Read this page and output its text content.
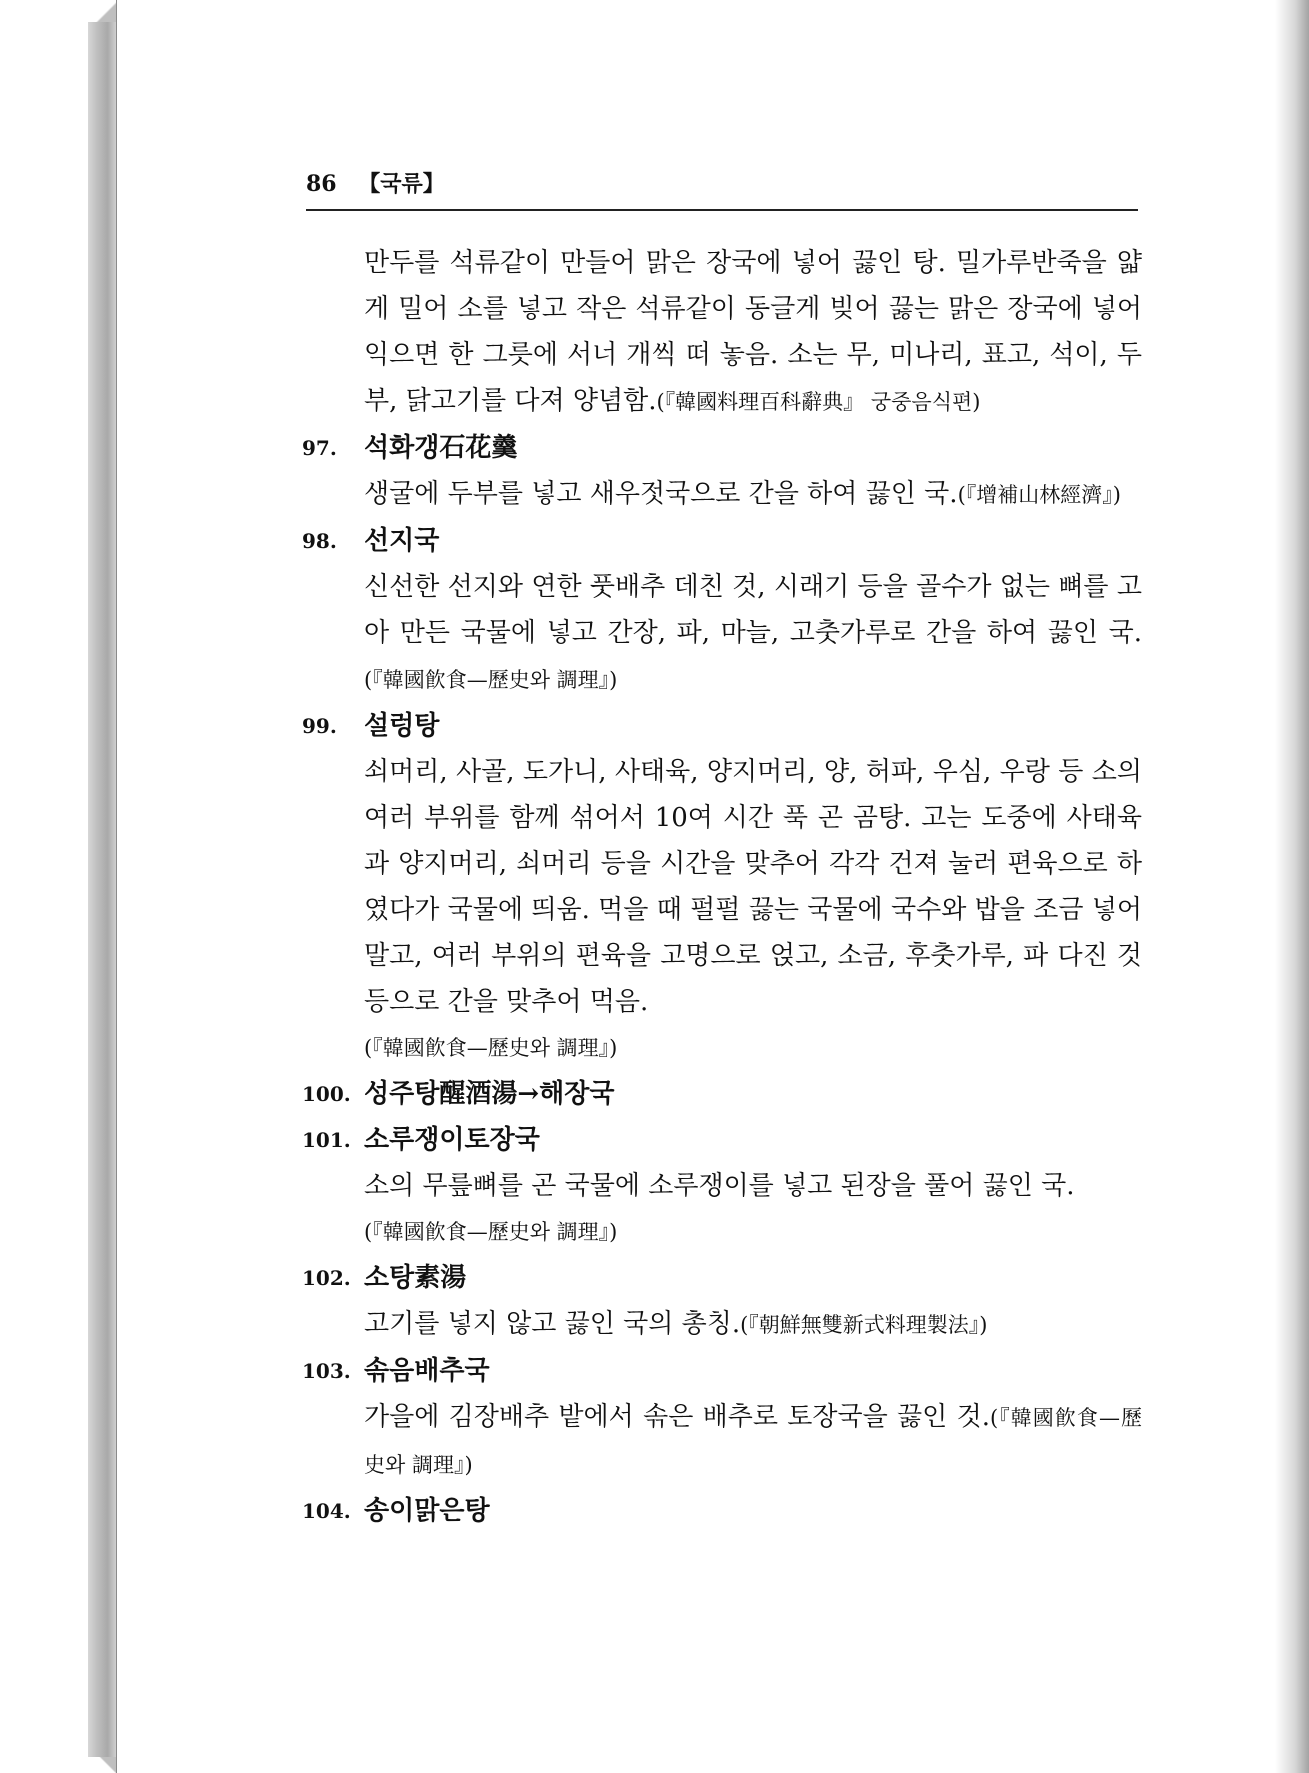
86 【국류】
만두를 석류같이 만들어 맑은 장국에 넣어 끓인 탕. 밀가루반죽을 얇게 밀어 소를 넣고 작은 석류같이 동글게 빚어 끓는 맑은 장국에 넣어 익으면 한 그릇에 서너 개씩 떠 놓음. 소는 무, 미나리, 표고, 석이, 두부, 닭고기를 다져 양념함.(『韓國料理百科辭典』 궁중음식편)
97.	석화갱石花羹
생굴에 두부를 넣고 새우젓국으로 간을 하여 끓인 국.(『增補山林經濟』)
98.	선지국
신선한 선지와 연한 풋배추 데친 것, 시래기 등을 골수가 없는 뼈를 고아 만든 국물에 넣고 간장, 파, 마늘, 고춧가루로 간을 하여 끓인 국.(『韓國飮食—歷史와 調理』)
99.	설렁탕
쇠머리, 사골, 도가니, 사태육, 양지머리, 양, 허파, 우심, 우랑 등 소의 여러 부위를 함께 섞어서 10여 시간 푹 곤 곰탕. 고는 도중에 사태육과 양지머리, 쇠머리 등을 시간을 맞추어 각각 건져 눌러 편육으로 하였다가 국물에 띄움. 먹을 때 펄펄 끓는 국물에 국수와 밥을 조금 넣어 말고, 여러 부위의 편육을 고명으로 얹고, 소금, 후춧가루, 파 다진 것 등으로 간을 맞추어 먹음.
(『韓國飮食—歷史와 調理』)
100. 성주탕醒酒湯→해장국
101. 소루쟁이토장국
소의 무릎뼈를 곤 국물에 소루쟁이를 넣고 된장을 풀어 끓인 국.
(『韓國飮食—歷史와 調理』)
102. 소탕素湯
고기를 넣지 않고 끓인 국의 총칭.(『朝鮮無雙新式料理製法』)
103. 솎음배추국
가을에 김장배추 밭에서 솎은 배추로 토장국을 끓인 것.(『韓國飮食—歷史와 調理』)
104. 송이맑은탕
